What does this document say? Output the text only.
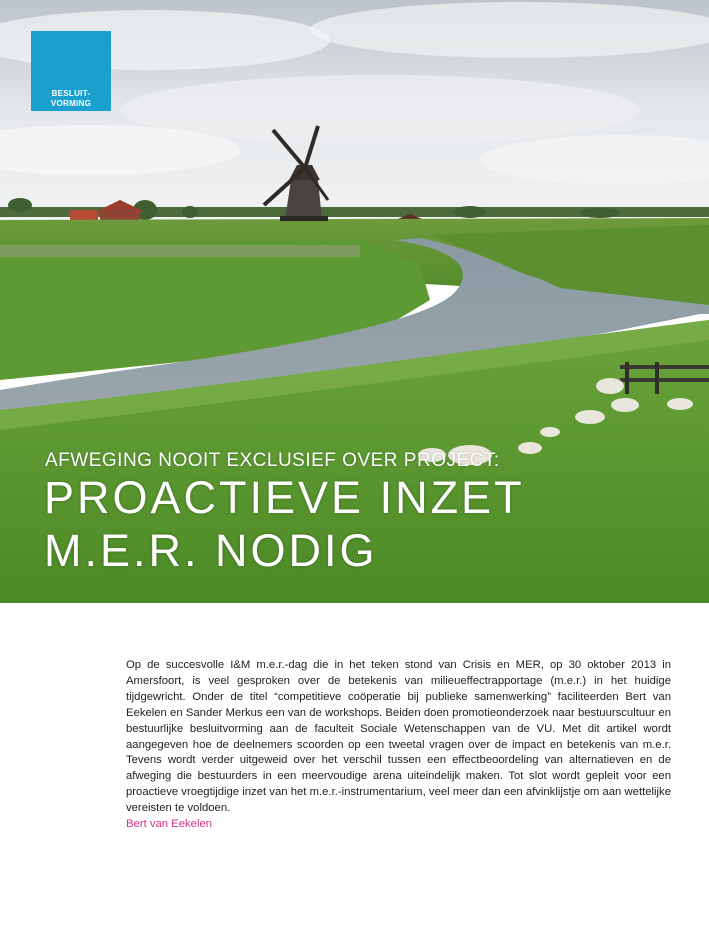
BESLUIT-
VORMING
AFWEGING NOOIT EXCLUSIEF OVER PROJECT:
PROACTIEVE INZET
M.E.R. NODIG

Op de succesvolle I&M m.e.r.-dag die in het teken stond van Crisis en MER, op 30 oktober 2013 in Amersfoort, is veel gesproken over de betekenis van milieueffectrapportage (m.e.r.) in het huidige tijdgewricht. Onder de titel “competitieve coöperatie bij publieke samenwerking” faciliteerden Bert van Eekelen en Sander Merkus een van de workshops. Beiden doen promotieonderzoek naar bestuurscultuur en bestuurlijke besluitvorming aan de faculteit Sociale Wetenschappen van de VU. Met dit artikel wordt aangegeven hoe de deelnemers scoorden op een tweetal vragen over de impact en betekenis van m.e.r. Tevens wordt verder uitgeweid over het verschil tussen een effectbeoordeling van alternatieven en de afweging die bestuurders in een meervoudige arena uiteindelijk maken. Tot slot wordt gepleit voor een proactieve vroegtijdige inzet van het m.e.r.-instrumentarium, veel meer dan een afvinklijstje om aan wettelijke vereisten te voldoen.

Bert van Eekelen
